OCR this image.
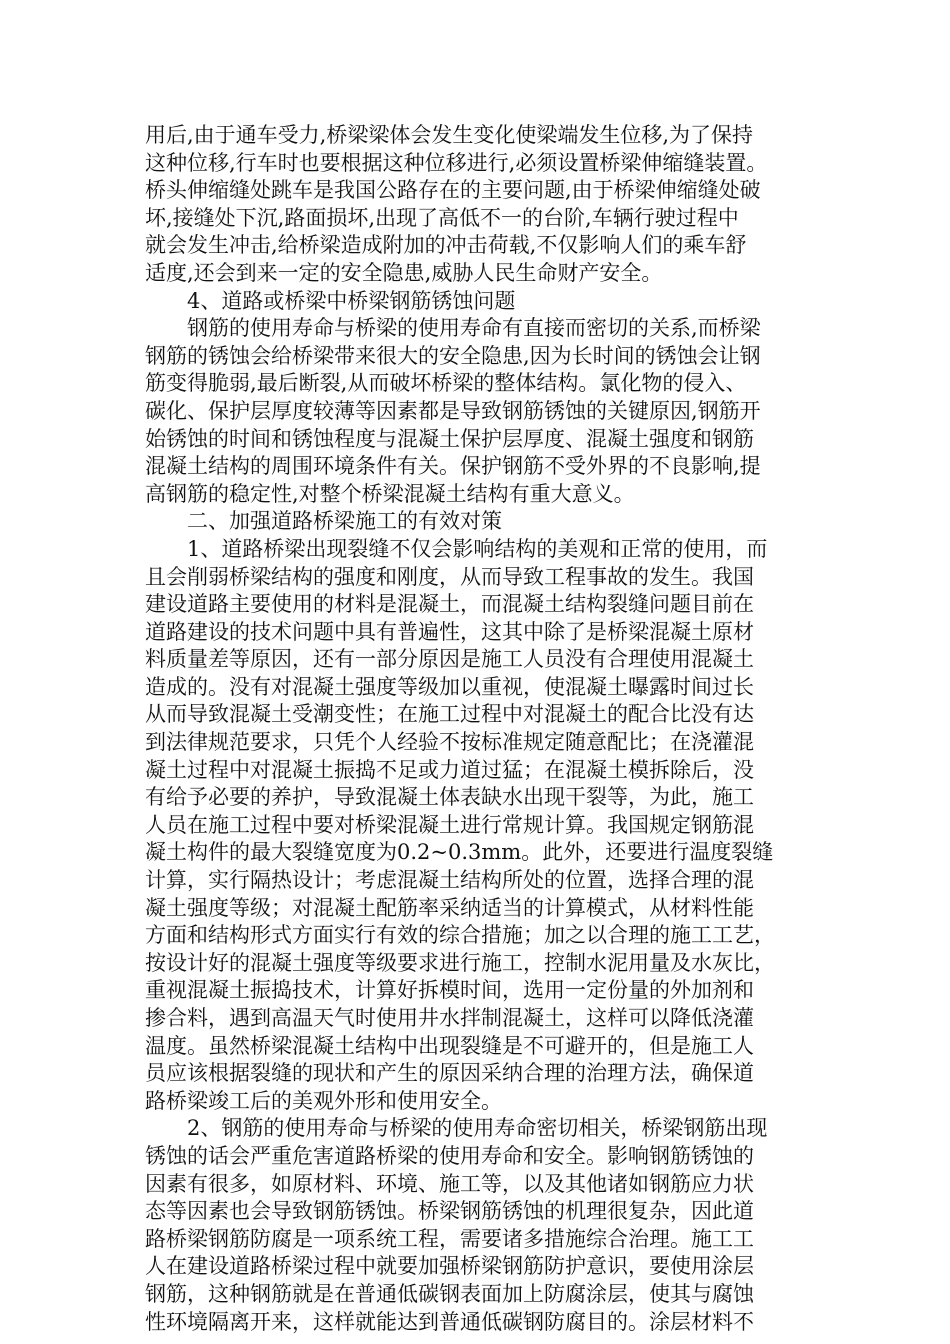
用后,由于通车受力,桥梁梁体会发生变化使梁端发生位移,为了保持
这种位移,行车时也要根据这种位移进行,必须设置桥梁伸缩缝装置。
桥头伸缩缝处跳车是我国公路存在的主要问题,由于桥梁伸缩缝处破
坏,接缝处下沉,路面损坏,出现了高低不一的台阶,车辆行驶过程中
就会发生冲击,给桥梁造成附加的冲击荷载,不仅影响人们的乘车舒
适度,还会到来一定的安全隐患,威胁人民生命财产安全。
　　4、道路或桥梁中桥梁钢筋锈蚀问题
　　钢筋的使用寿命与桥梁的使用寿命有直接而密切的关系,而桥梁
钢筋的锈蚀会给桥梁带来很大的安全隐患,因为长时间的锈蚀会让钢
筋变得脆弱,最后断裂,从而破坏桥梁的整体结构。氯化物的侵入、
碳化、保护层厚度较薄等因素都是导致钢筋锈蚀的关键原因,钢筋开
始锈蚀的时间和锈蚀程度与混凝土保护层厚度、混凝土强度和钢筋
混凝土结构的周围环境条件有关。保护钢筋不受外界的不良影响,提
高钢筋的稳定性,对整个桥梁混凝土结构有重大意义。
　　二、加强道路桥梁施工的有效对策
　　1、道路桥梁出现裂缝不仅会影响结构的美观和正常的使用，而
且会削弱桥梁结构的强度和刚度，从而导致工程事故的发生。我国
建设道路主要使用的材料是混凝土，而混凝土结构裂缝问题目前在
道路建设的技术问题中具有普遍性，这其中除了是桥梁混凝土原材
料质量差等原因，还有一部分原因是施工人员没有合理使用混凝土
造成的。没有对混凝土强度等级加以重视，使混凝土曝露时间过长
从而导致混凝土受潮变性；在施工过程中对混凝土的配合比没有达
到法律规范要求，只凭个人经验不按标准规定随意配比；在浇灌混
凝土过程中对混凝土振捣不足或力道过猛；在混凝土模拆除后，没
有给予必要的养护，导致混凝土体表缺水出现干裂等，为此，施工
人员在施工过程中要对桥梁混凝土进行常规计算。我国规定钢筋混
凝土构件的最大裂缝宽度为0.2~0.3mm。此外，还要进行温度裂缝
计算，实行隔热设计；考虑混凝土结构所处的位置，选择合理的混
凝土强度等级；对混凝土配筋率采纳适当的计算模式，从材料性能
方面和结构形式方面实行有效的综合措施；加之以合理的施工工艺，
按设计好的混凝土强度等级要求进行施工，控制水泥用量及水灰比，
重视混凝土振捣技术，计算好拆模时间，选用一定份量的外加剂和
掺合料，遇到高温天气时使用井水拌制混凝土，这样可以降低浇灌
温度。虽然桥梁混凝土结构中出现裂缝是不可避开的，但是施工人
员应该根据裂缝的现状和产生的原因采纳合理的治理方法，确保道
路桥梁竣工后的美观外形和使用安全。
　　2、钢筋的使用寿命与桥梁的使用寿命密切相关，桥梁钢筋出现
锈蚀的话会严重危害道路桥梁的使用寿命和安全。影响钢筋锈蚀的
因素有很多，如原材料、环境、施工等，以及其他诸如钢筋应力状
态等因素也会导致钢筋锈蚀。桥梁钢筋锈蚀的机理很复杂，因此道
路桥梁钢筋防腐是一项系统工程，需要诸多措施综合治理。施工工
人在建设道路桥梁过程中就要加强桥梁钢筋防护意识，要使用涂层
钢筋，这种钢筋就是在普通低碳钢表面加上防腐涂层，使其与腐蚀
性环境隔离开来，这样就能达到普通低碳钢防腐目的。涂层材料不
